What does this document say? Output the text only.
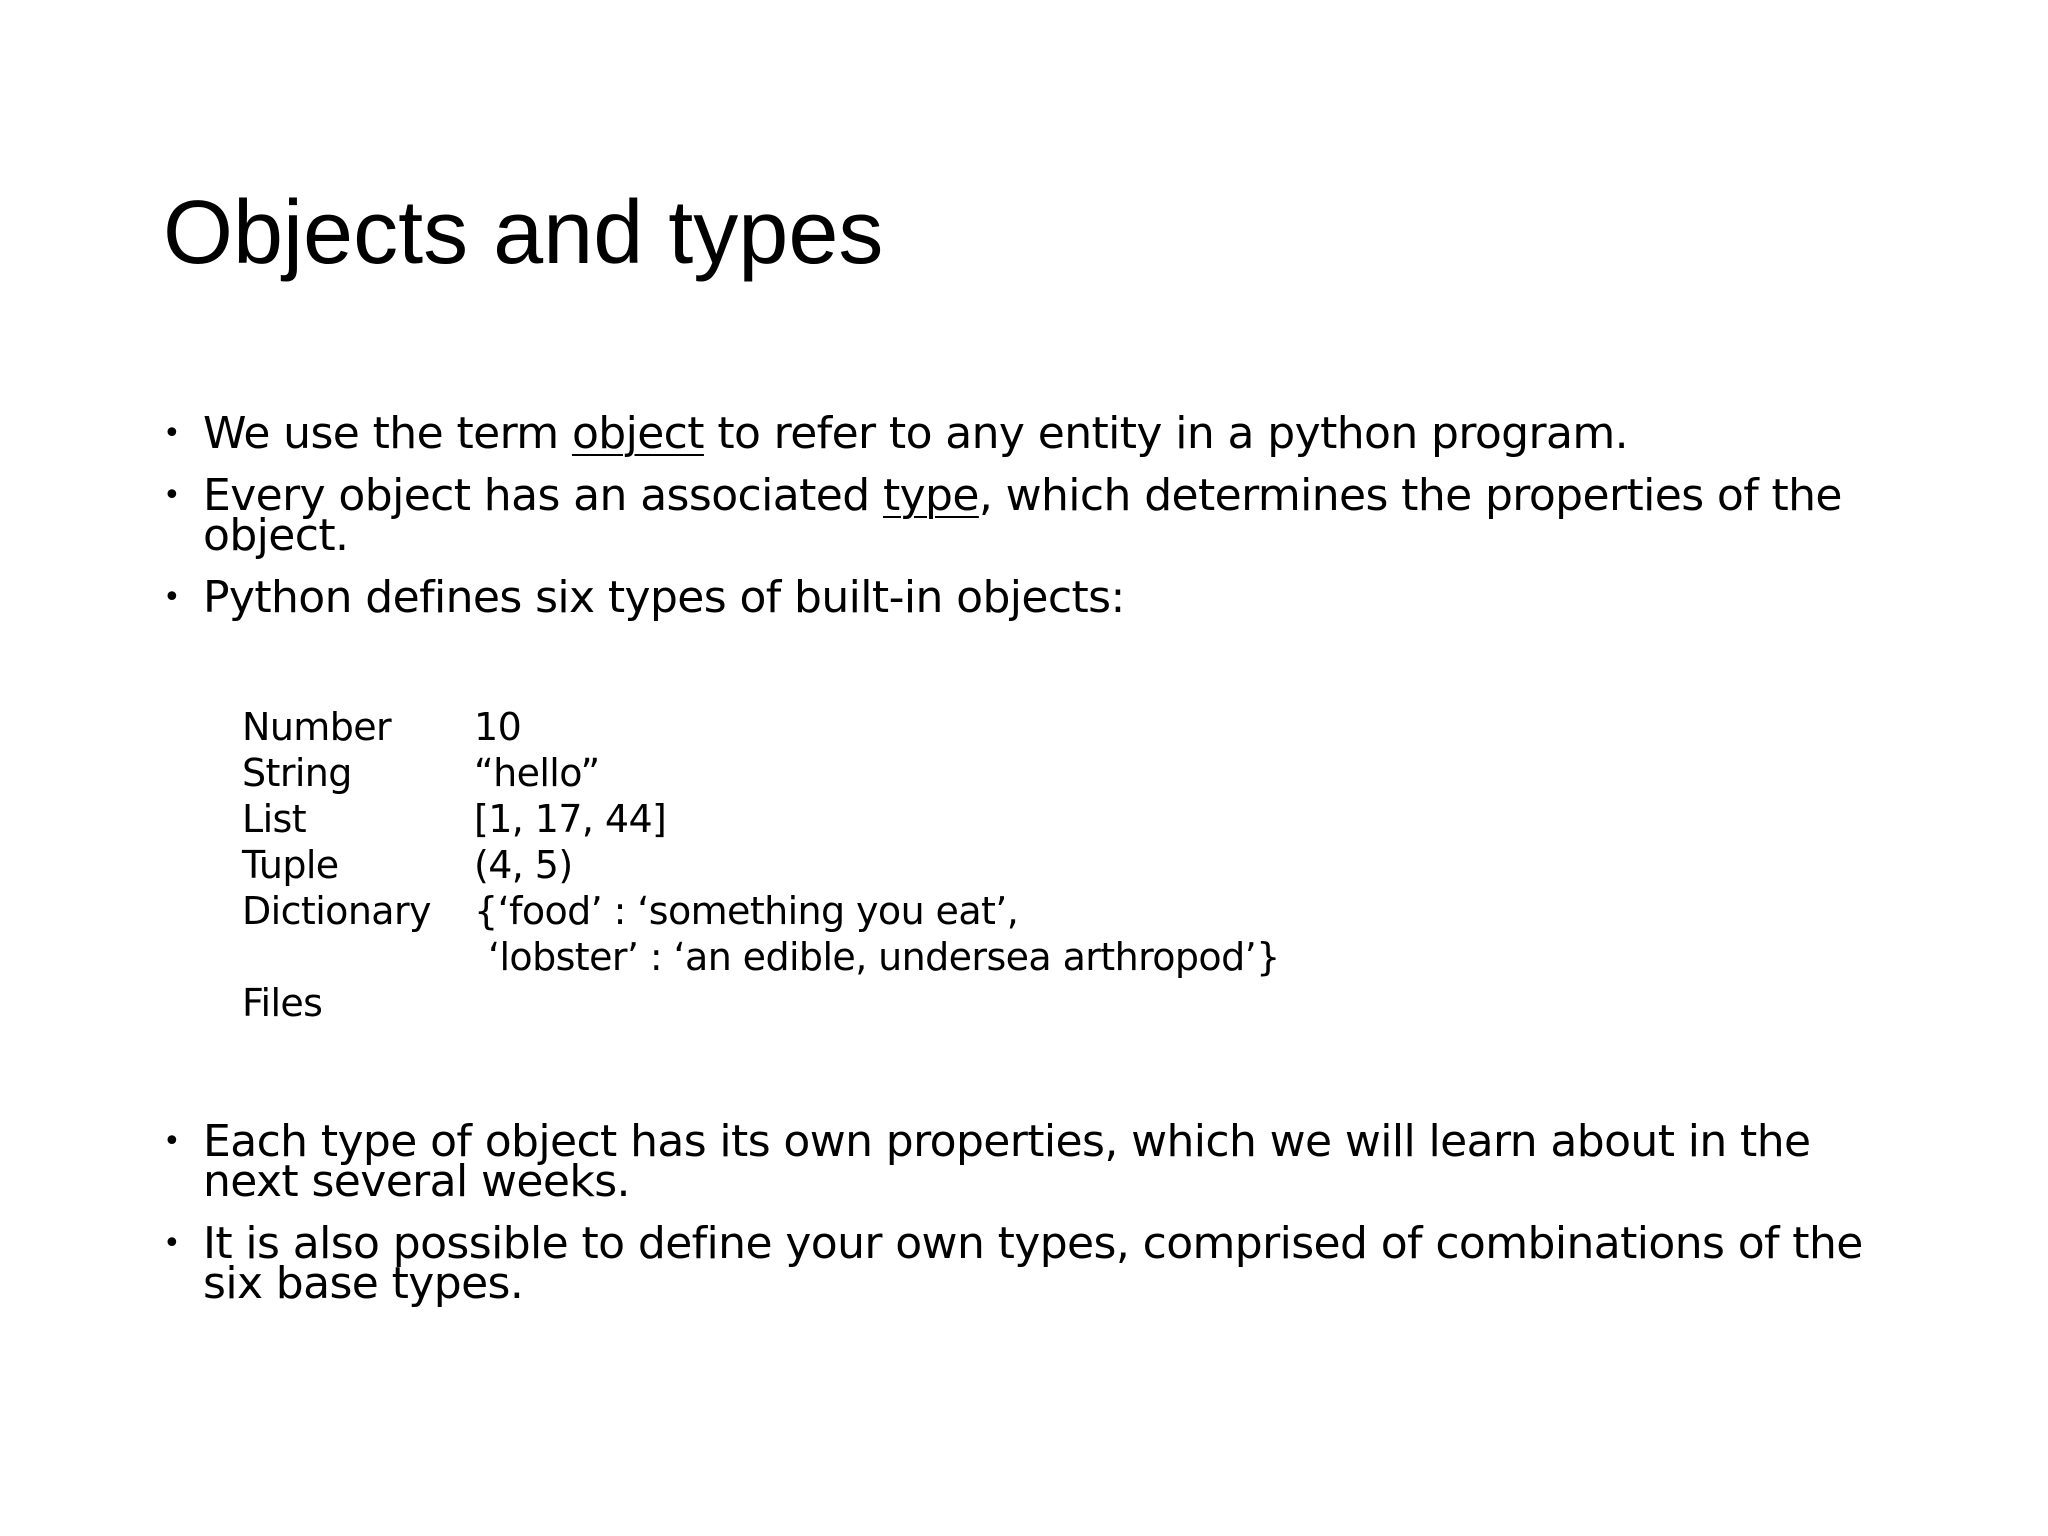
Objects and types
• We use the term object to refer to any entity in a python program.
• Every object has an associated type, which determines the properties of the object.
• Python defines six types of built-in objects:
Number 10
String	“hello”
List	[1, 17, 44]
Tuple	(4, 5)
Dictionary {‘food’ : ‘something you eat’,
‘lobster’ : ‘an edible, undersea arthropod’}
Files
• Each type of object has its own properties, which we will learn about in the next several weeks.
• It is also possible to define your own types, comprised of combinations of the six base types.
